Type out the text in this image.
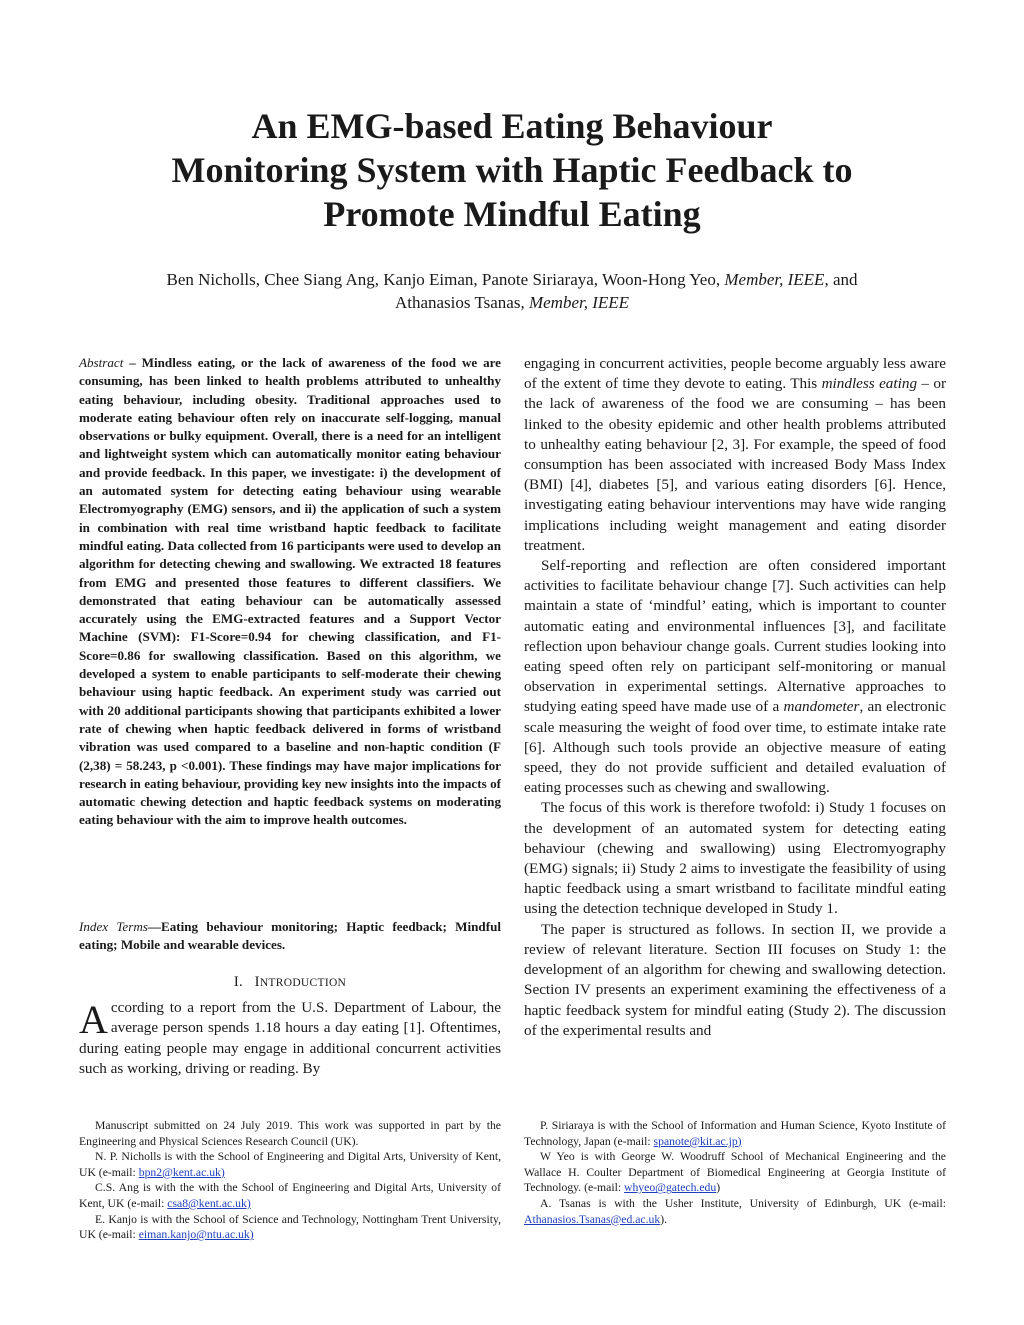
An EMG-based Eating Behaviour
Monitoring System with Haptic Feedback to
Promote Mindful Eating
Ben Nicholls, Chee Siang Ang, Kanjo Eiman, Panote Siriaraya, Woon-Hong Yeo, Member, IEEE, and
Athanasios Tsanas, Member, IEEE
Abstract – Mindless eating, or the lack of awareness of the food we are consuming, has been linked to health problems attributed to unhealthy eating behaviour, including obesity. Traditional approaches used to moderate eating behaviour often rely on inaccurate self-logging, manual observations or bulky equipment. Overall, there is a need for an intelligent and lightweight system which can automatically monitor eating behaviour and provide feedback. In this paper, we investigate: i) the development of an automated system for detecting eating behaviour using wearable Electromyography (EMG) sensors, and ii) the application of such a system in combination with real time wristband haptic feedback to facilitate mindful eating. Data collected from 16 participants were used to develop an algorithm for detecting chewing and swallowing. We extracted 18 features from EMG and presented those features to different classifiers. We demonstrated that eating behaviour can be automatically assessed accurately using the EMG-extracted features and a Support Vector Machine (SVM): F1-Score=0.94 for chewing classification, and F1-Score=0.86 for swallowing classification. Based on this algorithm, we developed a system to enable participants to self-moderate their chewing behaviour using haptic feedback. An experiment study was carried out with 20 additional participants showing that participants exhibited a lower rate of chewing when haptic feedback delivered in forms of wristband vibration was used compared to a baseline and non-haptic condition (F (2,38) = 58.243, p <0.001). These findings may have major implications for research in eating behaviour, providing key new insights into the impacts of automatic chewing detection and haptic feedback systems on moderating eating behaviour with the aim to improve health outcomes.
Index Terms—Eating behaviour monitoring; Haptic feedback; Mindful eating; Mobile and wearable devices.
I. INTRODUCTION
According to a report from the U.S. Department of Labour, the average person spends 1.18 hours a day eating [1]. Oftentimes, during eating people may engage in additional concurrent activities such as working, driving or reading. By

engaging in concurrent activities, people become arguably less aware of the extent of time they devote to eating. This mindless eating – or the lack of awareness of the food we are consuming – has been linked to the obesity epidemic and other health problems attributed to unhealthy eating behaviour [2, 3]. For example, the speed of food consumption has been associated with increased Body Mass Index (BMI) [4], diabetes [5], and various eating disorders [6]. Hence, investigating eating behaviour interventions may have wide ranging implications including weight management and eating disorder treatment.

Self-reporting and reflection are often considered important activities to facilitate behaviour change [7]. Such activities can help maintain a state of ‘mindful’ eating, which is important to counter automatic eating and environmental influences [3], and facilitate reflection upon behaviour change goals. Current studies looking into eating speed often rely on participant self-monitoring or manual observation in experimental settings. Alternative approaches to studying eating speed have made use of a mandometer, an electronic scale measuring the weight of food over time, to estimate intake rate [6]. Although such tools provide an objective measure of eating speed, they do not provide sufficient and detailed evaluation of eating processes such as chewing and swallowing.

The focus of this work is therefore twofold: i) Study 1 focuses on the development of an automated system for detecting eating behaviour (chewing and swallowing) using Electromyography (EMG) signals; ii) Study 2 aims to investigate the feasibility of using haptic feedback using a smart wristband to facilitate mindful eating using the detection technique developed in Study 1.

The paper is structured as follows. In section II, we provide a review of relevant literature. Section III focuses on Study 1: the development of an algorithm for chewing and swallowing detection. Section IV presents an experiment examining the effectiveness of a haptic feedback system for mindful eating (Study 2). The discussion of the experimental results and

Manuscript submitted on 24 July 2019. This work was supported in part by the Engineering and Physical Sciences Research Council (UK).

N. P. Nicholls is with the School of Engineering and Digital Arts, University of Kent, UK (e-mail: bpn2@kent.ac.uk)

C.S. Ang is with the with the School of Engineering and Digital Arts, University of Kent, UK (e-mail: csa8@kent.ac.uk)

E. Kanjo is with the School of Science and Technology, Nottingham Trent University, UK (e-mail: eiman.kanjo@ntu.ac.uk)

P. Siriaraya is with the School of Information and Human Science, Kyoto Institute of Technology, Japan (e-mail: spanote@kit.ac.jp)

W Yeo is with George W. Woodruff School of Mechanical Engineering and the Wallace H. Coulter Department of Biomedical Engineering at Georgia Institute of Technology. (e-mail: whyeo@gatech.edu)

A. Tsanas is with the Usher Institute, University of Edinburgh, UK (e-mail: Athanasios.Tsanas@ed.ac.uk).
